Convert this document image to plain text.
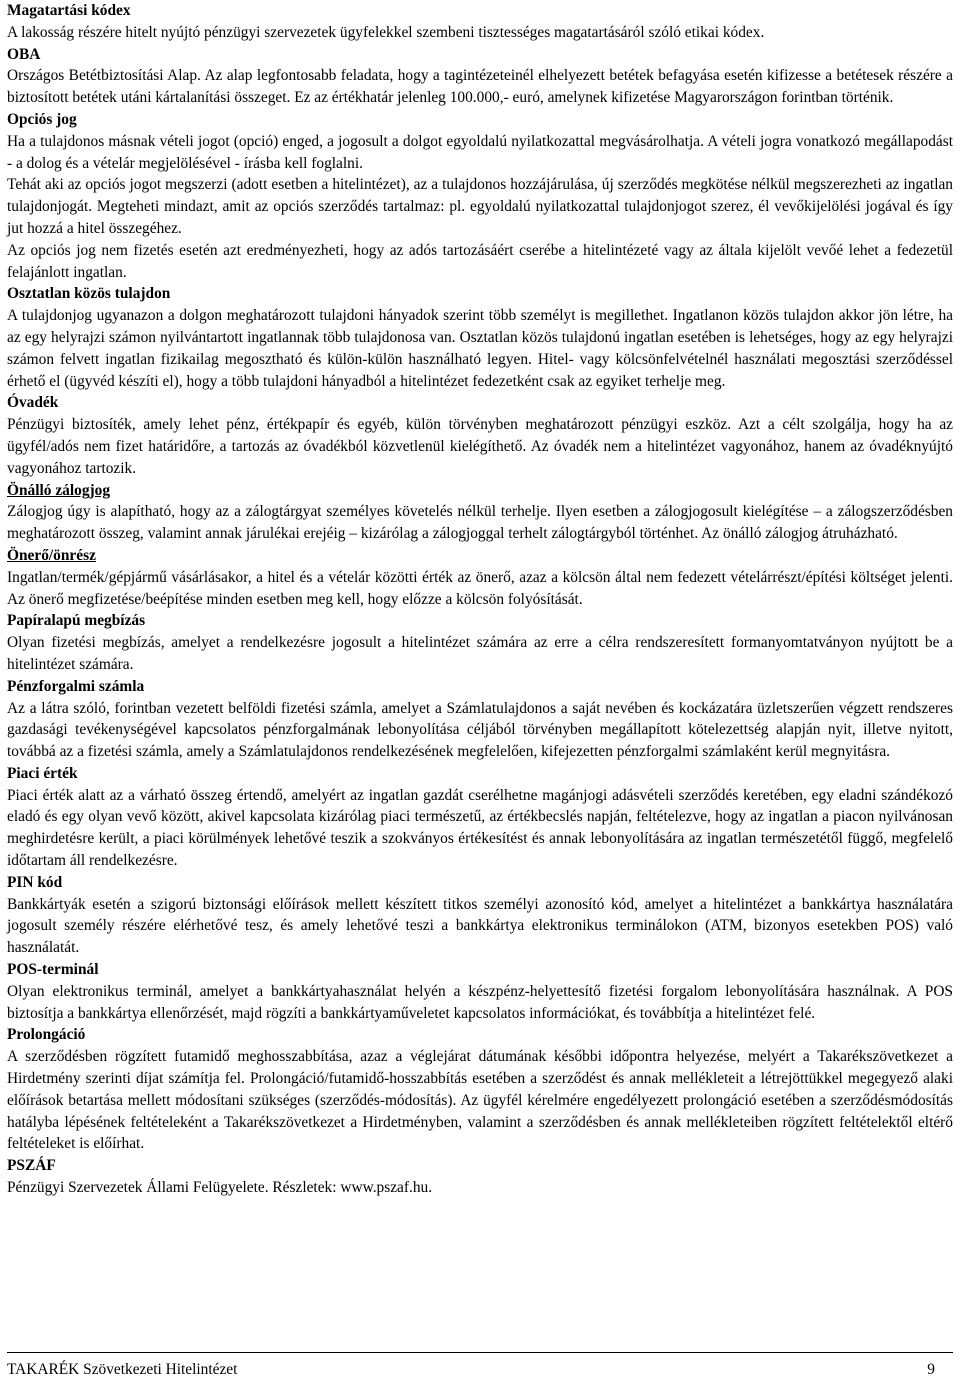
Magatartási kódex
A lakosság részére hitelt nyújtó pénzügyi szervezetek ügyfelekkel szembeni tisztességes magatartásáról szóló etikai kódex.
OBA
Országos Betétbiztosítási Alap. Az alap legfontosabb feladata, hogy a tagintézeteinél elhelyezett betétek befagyása esetén kifizesse a betétesek részére a biztosított betétek utáni kártalanítási összeget. Ez az értékhatár jelenleg 100.000,- euró, amelynek kifizetése Magyarországon forintban történik.
Opciós jog
Ha a tulajdonos másnak vételi jogot (opció) enged, a jogosult a dolgot egyoldalú nyilatkozattal megvásárolhatja. A vételi jogra vonatkozó megállapodást - a dolog és a vételár megjelölésével - írásba kell foglalni.
Tehát aki az opciós jogot megszerzi (adott esetben a hitelintézet), az a tulajdonos hozzájárulása, új szerződés megkötése nélkül megszerezheti az ingatlan tulajdonjogát. Megteheti mindazt, amit az opciós szerződés tartalmaz: pl. egyoldalú nyilatkozattal tulajdonjogot szerez, él vevőkijelölési jogával és így jut hozzá a hitel összegéhez.
Az opciós jog nem fizetés esetén azt eredményezheti, hogy az adós tartozásáért cserébe a hitelintézeté vagy az általa kijelölt vevőé lehet a fedezetül felajánlott ingatlan.
Osztatlan közös tulajdon
A tulajdonjog ugyanazon a dolgon meghatározott tulajdoni hányadok szerint több személyt is megillethet. Ingatlanon közös tulajdon akkor jön létre, ha az egy helyrajzi számon nyilvántartott ingatlannak több tulajdonosa van. Osztatlan közös tulajdonú ingatlan esetében is lehetséges, hogy az egy helyrajzi számon felvett ingatlan fizikailag megosztható és külön-külön használható legyen. Hitel- vagy kölcsönfelvételnél használati megosztási szerződéssel érhető el (ügyvéd készíti el), hogy a több tulajdoni hányadból a hitelintézet fedezetként csak az egyiket terhelje meg.
Óvadék
Pénzügyi biztosíték, amely lehet pénz, értékpapír és egyéb, külön törvényben meghatározott pénzügyi eszköz. Azt a célt szolgálja, hogy ha az ügyfél/adós nem fizet határidőre, a tartozás az óvadékból közvetlenül kielégíthető. Az óvadék nem a hitelintézet vagyonához, hanem az óvadéknyújtó vagyonához tartozik.
Önálló zálogjog
Zálogjog úgy is alapítható, hogy az a zálogtárgyat személyes követelés nélkül terhelje. Ilyen esetben a zálogjogosult kielégítése – a zálogszerződésben meghatározott összeg, valamint annak járulékai erejéig – kizárólag a zálogjoggal terhelt zálogtárgyból történhet. Az önálló zálogjog átruházható.
Önerő/önrész
Ingatlan/termék/gépjármű vásárlásakor, a hitel és a vételár közötti érték az önerő, azaz a kölcsön által nem fedezett vételárrészt/építési költséget jelenti. Az önerő megfizetése/beépítése minden esetben meg kell, hogy előzze a kölcsön folyósítását.
Papíralapú megbízás
Olyan fizetési megbízás, amelyet a rendelkezésre jogosult a hitelintézet számára az erre a célra rendszeresített formanyomtatványon nyújtott be a hitelintézet számára.
Pénzforgalmi számla
Az a látra szóló, forintban vezetett belföldi fizetési számla, amelyet a Számlatulajdonos a saját nevében és kockázatára üzletszerűen végzett rendszeres gazdasági tevékenységével kapcsolatos pénzforgalmának lebonyolítása céljából törvényben megállapított kötelezettség alapján nyit, illetve nyitott, továbbá az a fizetési számla, amely a Számlatulajdonos rendelkezésének megfelelően, kifejezetten pénzforgalmi számlaként kerül megnyitásra.
Piaci érték
Piaci érték alatt az a várható összeg értendő, amelyért az ingatlan gazdát cserélhetne magánjogi adásvételi szerződés keretében, egy eladni szándékozó eladó és egy olyan vevő között, akivel kapcsolata kizárólag piaci természetű, az értékbecslés napján, feltételezve, hogy az ingatlan a piacon nyilvánosan meghirdetésre került, a piaci körülmények lehetővé teszik a szokványos értékesítést és annak lebonyolítására az ingatlan természetétől függő, megfelelő időtartam áll rendelkezésre.
PIN kód
Bankkártyák esetén a szigorú biztonsági előírások mellett készített titkos személyi azonosító kód, amelyet a hitelintézet a bankkártya használatára jogosult személy részére elérhetővé tesz, és amely lehetővé teszi a bankkártya elektronikus terminálokon (ATM, bizonyos esetekben POS) való használatát.
POS-terminál
Olyan elektronikus terminál, amelyet a bankkártyahasználat helyén a készpénz-helyettesítő fizetési forgalom lebonyolítására használnak. A POS biztosítja a bankkártya ellenőrzését, majd rögzíti a bankkártyaműveletet kapcsolatos információkat, és továbbítja a hitelintézet felé.
Prolongáció
A szerződésben rögzített futamidő meghosszabbítása, azaz a véglejárat dátumának későbbi időpontra helyezése, melyért a Takarékszövetkezet a Hirdetmény szerinti díjat számítja fel. Prolongáció/futamidő-hosszabbítás esetében a szerződést és annak mellékleteit a létrejöttükkel megegyező alaki előírások betartása mellett módosítani szükséges (szerződés-módosítás). Az ügyfél kérelmére engedélyezett prolongáció esetében a szerződésmódosítás hatályba lépésének feltételeként a Takarékszövetkezet a Hirdetményben, valamint a szerződésben és annak mellékleteiben rögzített feltételektől eltérő feltételeket is előírhat.
PSZÁF
Pénzügyi Szervezetek Állami Felügyelete. Részletek: www.pszaf.hu.
TAKARÉK Szövetkezeti Hitelintézet	9
